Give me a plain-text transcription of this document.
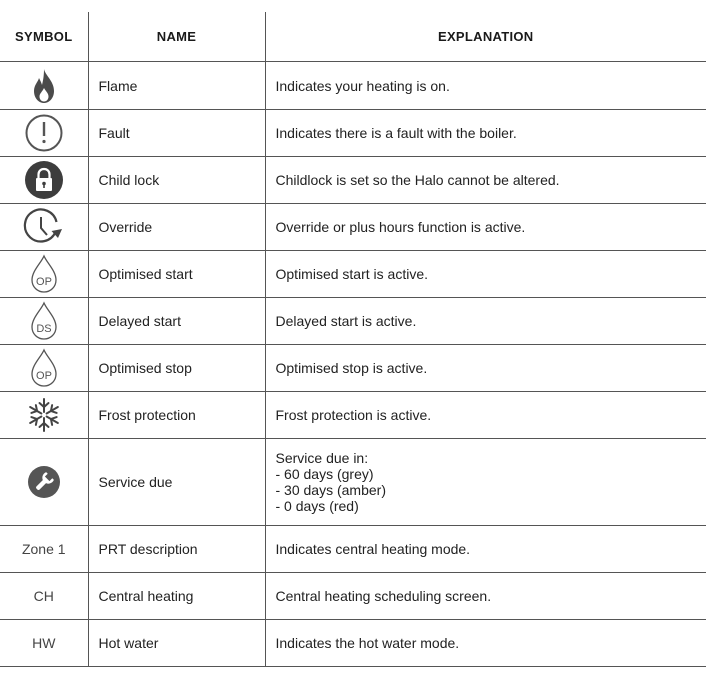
SYMBOL	NAME	EXPLANATION

	Flame	Indicates your heating is on.

	Fault	Indicates there is a fault with the boiler.

	Child lock	Childlock is set so the Halo cannot be altered.

	Override	Override or plus hours function is active.

OP	Optimised start	Optimised start is active.

DS	Delayed start	Delayed start is active.

OP	Optimised stop	Optimised stop is active.

	Frost protection	Frost protection is active.

	Service due	Service due in:
- 60 days (grey)
- 30 days (amber)
- 0 days (red)

Zone 1	PRT description	Indicates central heating mode.
CH	Central heating	Central heating scheduling screen.
HW	Hot water	Indicates the hot water mode.
